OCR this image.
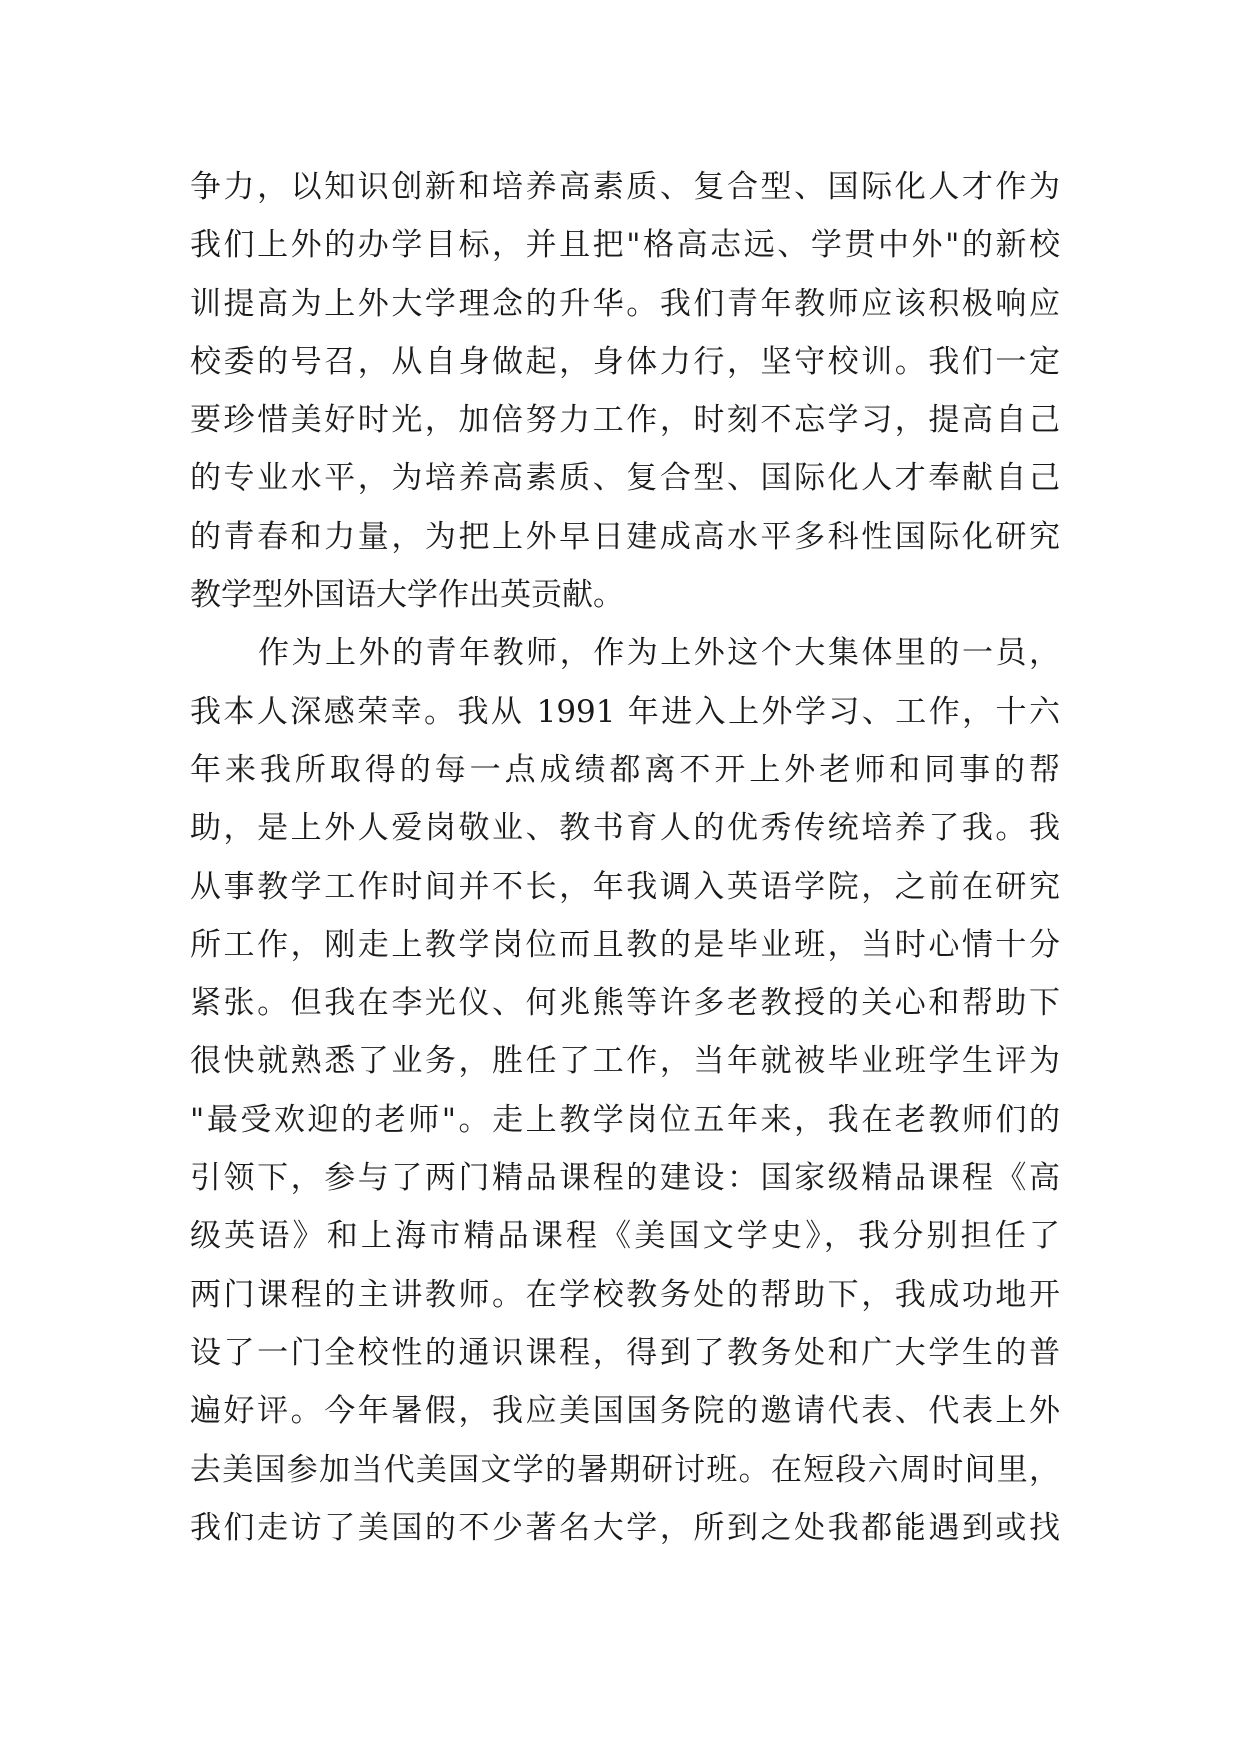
争力，以知识创新和培养高素质、复合型、国际化人才作为
我们上外的办学目标，并且把"格高志远、学贯中外"的新校
训提高为上外大学理念的升华。我们青年教师应该积极响应
校委的号召，从自身做起，身体力行，坚守校训。我们一定
要珍惜美好时光，加倍努力工作，时刻不忘学习，提高自己
的专业水平，为培养高素质、复合型、国际化人才奉献自己
的青春和力量，为把上外早日建成高水平多科性国际化研究
教学型外国语大学作出英贡献。
作为上外的青年教师，作为上外这个大集体里的一员，
我本人深感荣幸。我从 1991 年进入上外学习、工作，十六
年来我所取得的每一点成绩都离不开上外老师和同事的帮
助，是上外人爱岗敬业、教书育人的优秀传统培养了我。我
从事教学工作时间并不长，年我调入英语学院，之前在研究
所工作，刚走上教学岗位而且教的是毕业班，当时心情十分
紧张。但我在李光仪、何兆熊等许多老教授的关心和帮助下
很快就熟悉了业务，胜任了工作，当年就被毕业班学生评为
"最受欢迎的老师"。走上教学岗位五年来，我在老教师们的
引领下，参与了两门精品课程的建设：国家级精品课程《高
级英语》和上海市精品课程《美国文学史》，我分别担任了
两门课程的主讲教师。在学校教务处的帮助下，我成功地开
设了一门全校性的通识课程，得到了教务处和广大学生的普
遍好评。今年暑假，我应美国国务院的邀请代表、代表上外
去美国参加当代美国文学的暑期研讨班。在短段六周时间里，
我们走访了美国的不少著名大学，所到之处我都能遇到或找
